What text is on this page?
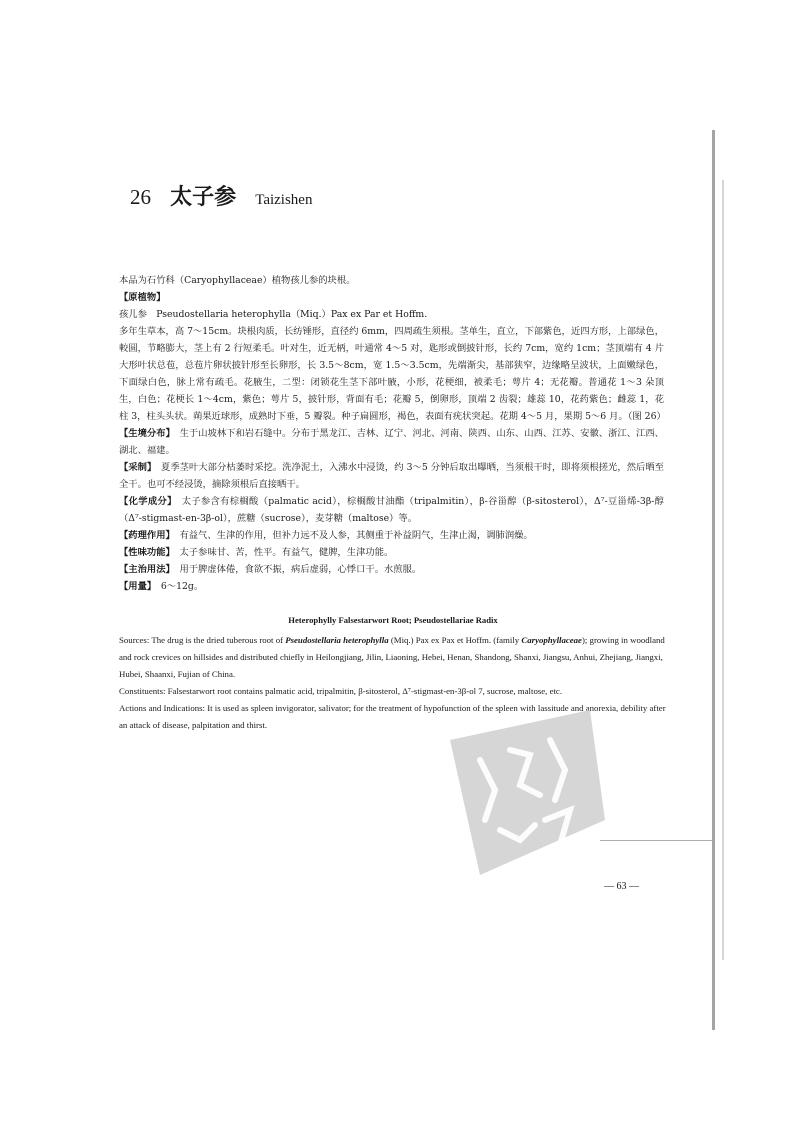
26 太子参 Taizishen

本品为石竹科（Caryophyllaceae）植物孩儿参的块根。

【原植物】

孩儿参　Pseudostellaria heterophylla（Miq.）Pax ex Par et Hoffm.

多年生草本，高 7～15cm。块根肉质，长纺锤形，直径约 6mm，四周疏生须根。茎单生，直立，下部紫色，近四方形，上部绿色，較圆，节略膨大，茎上有 2 行短柔毛。叶对生，近无柄，叶通常 4～5 对，匙形或倒披针形，长约 7cm，宽约 1cm；茎顶端有 4 片大形叶状总苞，总苞片卵状披针形至长卵形，长 3.5～8cm，宽 1.5～3.5cm，先端渐尖，基部狭窄，边缘略呈波状，上面嫩绿色，下面绿白色，脉上常有疏毛。花腋生，二型：闭锁花生茎下部叶腋，小形，花梗细，被柔毛；萼片 4；无花瓣。普通花 1～3 朵顶生，白色；花梗长 1～4cm，紫色；萼片 5，披针形，背面有毛；花瓣 5，倒卵形，顶端 2 齿裂；雄蕊 10，花药紫色；雌蕊 1，花柱 3，柱头头状。蒴果近球形，成熟时下垂，5 瓣裂。种子扁圆形，褐色，表面有疣状突起。花期 4～5 月，果期 5～6 月。（图 26）

【生境分布】　 生于山坡林下和岩石缝中。分布于黑龙江、吉林、辽宁、河北、河南、陕西、山东、山西、江苏、安徽、浙江、江西、湖北、福建。

【采制】　 夏季茎叶大部分枯萎时采挖。洗净泥土，入沸水中浸烫，约 3～5 分钟后取出曝晒，当须根干时，即将须根搓光，然后晒至全干。也可不经浸烫，摘除须根后直接晒干。

【化学成分】　 太子参含有棕榈酸（palmatic acid），棕榈酸甘油酯（tripalmitin），β-谷甾醇（β-sitosterol），Δ⁷-豆甾烯-3β-醇（Δ⁷-stigmast-en-3β-ol），蔗糖（sucrose），麦芽糖（maltose）等。

【药理作用】　 有益气、生津的作用，但补力远不及人参，其侧重于补益阴气，生津止渴，调肺润燥。

【性味功能】　 太子参味甘、苦，性平。有益气，健脾，生津功能。

【主治用法】　 用于脾虚体倦，食欲不振，病后虚弱，心悸口干。水煎服。

【用量】　 6～12g。

Heterophylly Falsestarwort Root; Pseudostellariae Radix

Sources: The drug is the dried tuberous root of Pseudostellaria heterophylla (Miq.) Pax ex Pax et Hoffm. (family Caryophyllaceae); growing in woodland and rock crevices on hillsides and distributed chiefly in Heilongjiang, Jilin, Liaoning, Hebei, Henan, Shandong, Shanxi, Jiangsu, Anhui, Zhejiang, Jiangxi, Hubei, Shaanxi, Fujian of China.

Constituents: Falsestarwort root contains palmatic acid, tripalmitin, β-sitosterol, Δ⁷-stigmast-en-3β-ol 7, sucrose, maltose, etc.

Actions and Indications: It is used as spleen invigorator, salivator; for the treatment of hypofunction of the spleen with lassitude and anorexia, debility after an attack of disease, palpitation and thirst.

— 63 —
